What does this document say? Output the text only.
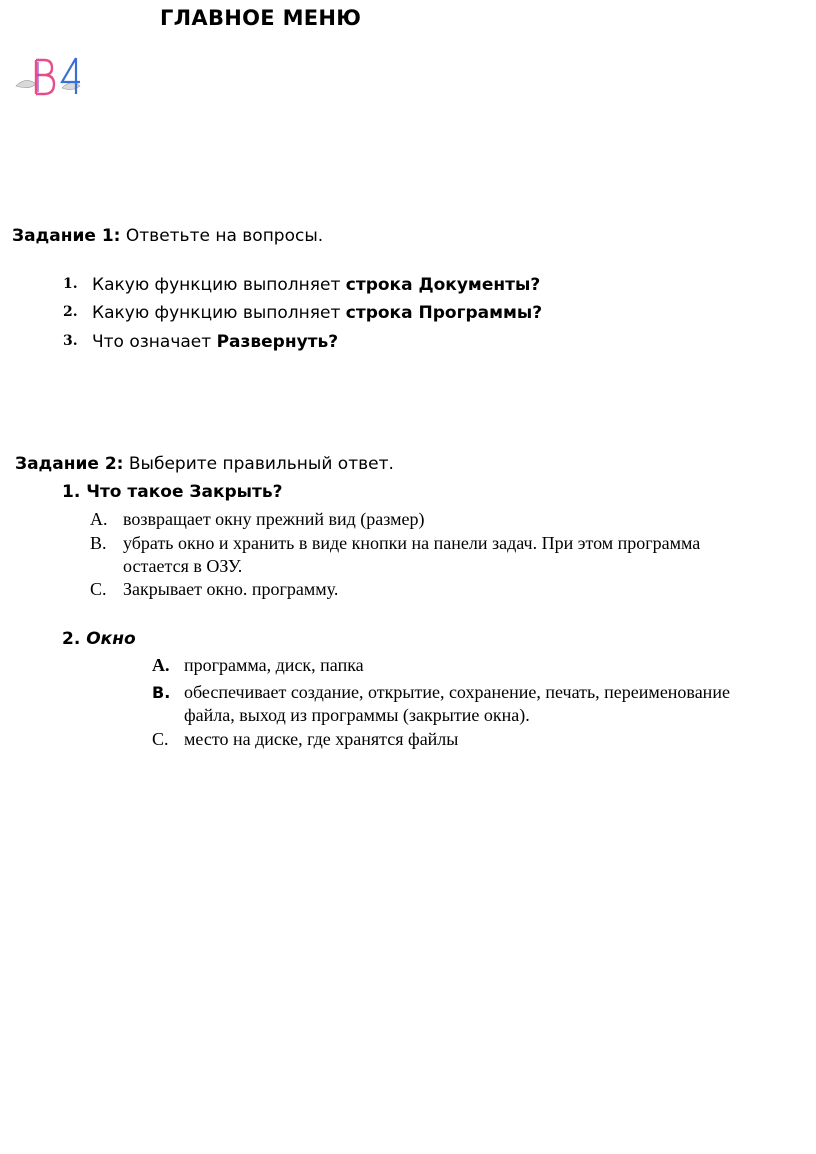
ГЛАВНОЕ МЕНЮ
Задание 1: Ответьте на вопросы.
1. Какую функцию выполняет строка Документы?
2. Какую функцию выполняет строка Программы?
3. Что означает Развернуть?
Задание 2: Выберите правильный ответ.
1. Что такое Закрыть?
A. возвращает окну прежний вид (размер)
B. убрать окно и хранить в виде кнопки на панели задач. При этом программа
остается в ОЗУ.
C. Закрывает окно. программу.
2. Окно
A. программа, диск, папка
B. обеспечивает создание, открытие, сохранение, печать, переименование
файла, выход из программы (закрытие окна).
C. место на диске, где хранятся файлы
